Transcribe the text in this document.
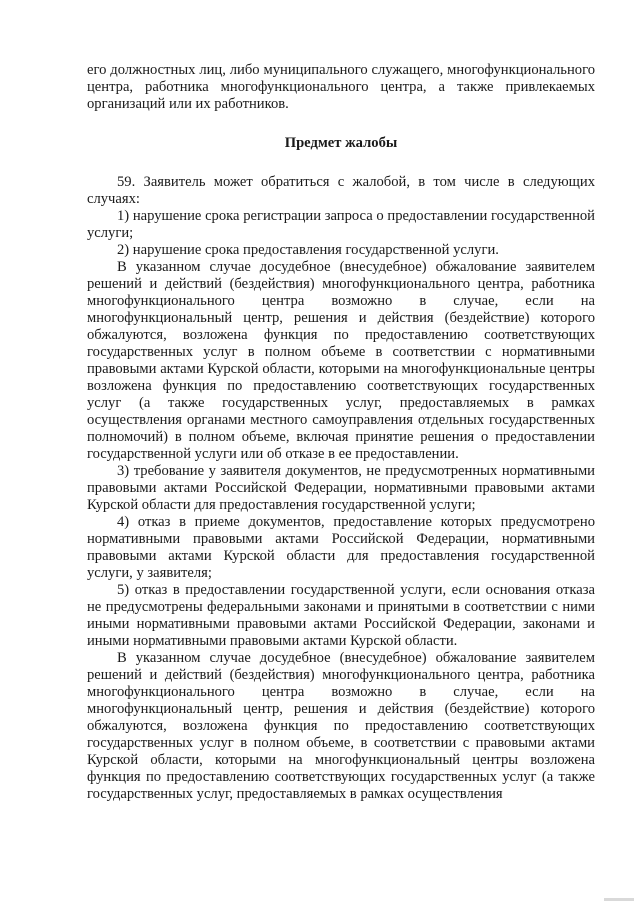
его должностных лиц, либо муниципального служащего, многофункционального центра, работника многофункционального центра, а также привлекаемых организаций или их работников.

Предмет жалобы

59. Заявитель может обратиться с жалобой, в том числе в следующих случаях:

1) нарушение срока регистрации запроса о предоставлении государственной услуги;

2) нарушение срока предоставления государственной услуги.

В указанном случае досудебное (внесудебное) обжалование заявителем решений и действий (бездействия) многофункционального центра, работника многофункционального центра возможно в случае, если на многофункциональный центр, решения и действия (бездействие) которого обжалуются, возложена функция по предоставлению соответствующих государственных услуг в полном объеме в соответствии с нормативными правовыми актами Курской области, которыми на многофункциональные центры возложена функция по предоставлению соответствующих государственных услуг (а также государственных услуг, предоставляемых в рамках осуществления органами местного самоуправления отдельных государственных полномочий) в полном объеме, включая принятие решения о предоставлении государственной услуги или об отказе в ее предоставлении.

3) требование у заявителя документов, не предусмотренных нормативными правовыми актами Российской Федерации, нормативными правовыми актами Курской области для предоставления государственной услуги;

4) отказ в приеме документов, предоставление которых предусмотрено нормативными правовыми актами Российской Федерации, нормативными правовыми актами Курской области для предоставления государственной услуги, у заявителя;

5) отказ в предоставлении государственной услуги, если основания отказа не предусмотрены федеральными законами и принятыми в соответствии с ними иными нормативными правовыми актами Российской Федерации, законами и иными нормативными правовыми актами Курской области.

В указанном случае досудебное (внесудебное) обжалование заявителем решений и действий (бездействия) многофункционального центра, работника многофункционального центра возможно в случае, если на многофункциональный центр, решения и действия (бездействие) которого обжалуются, возложена функция по предоставлению соответствующих государственных услуг в полном объеме, в соответствии с правовыми актами Курской области, которыми на многофункциональный центры возложена функция по предоставлению соответствующих государственных услуг (а также государственных услуг, предоставляемых в рамках осуществления
